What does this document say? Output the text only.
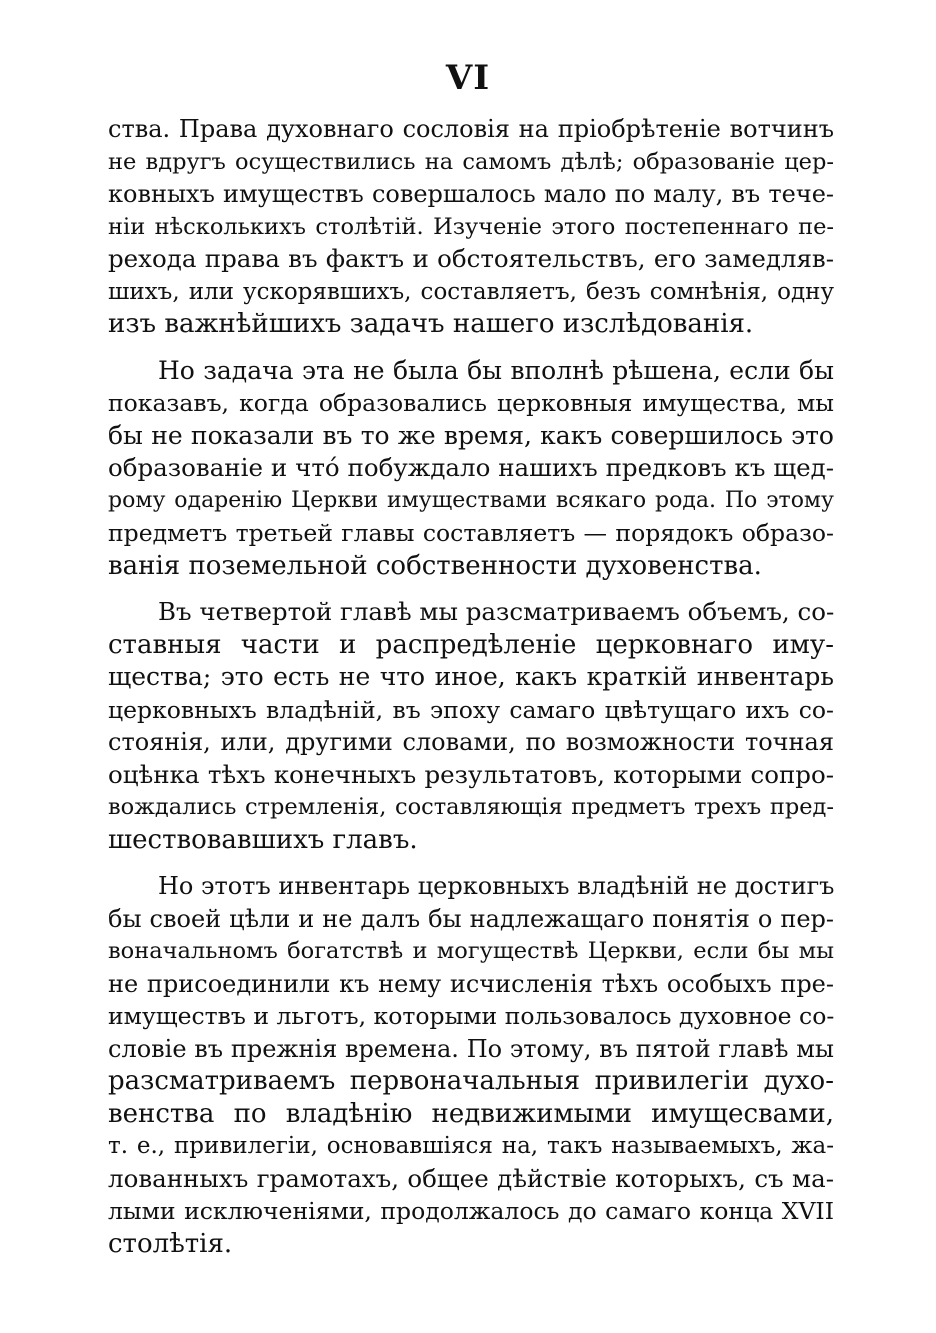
VI
ства. Права духовнаго сословія на пріобрѣтеніе вотчинъ
не вдругъ осуществились на самомъ дѣлѣ; образованіе цер-
ковныхъ имуществъ совершалось мало по малу, въ тече-
ніи нѣсколькихъ столѣтій. Изученіе этого постепеннаго пе-
рехода права въ фактъ и обстоятельствъ, его замедляв-
шихъ, или ускорявшихъ, составляетъ, безъ сомнѣнія, одну
изъ важнѣйшихъ задачъ нашего изслѣдованія.
Но задача эта не была бы вполнѣ рѣшена, если бы
показавъ, когда образовались церковныя имущества, мы
бы не показали въ то же время, какъ совершилось это
образованіе и что́ побуждало нашихъ предковъ къ щед-
рому одаренію Церкви имуществами всякаго рода. По этому
предметъ третьей главы составляетъ — порядокъ образо-
ванія поземельной собственности духовенства.
Въ четвертой главѣ мы разсматриваемъ объемъ, со-
ставныя части и распредѣленіе церковнаго иму-
щества; это есть не что иное, какъ краткій инвентарь
церковныхъ владѣній, въ эпоху самаго цвѣтущаго ихъ со-
стоянія, или, другими словами, по возможности точная
оцѣнка тѣхъ конечныхъ результатовъ, которыми сопро-
вождались стремленія, составляющія предметъ трехъ пред-
шествовавшихъ главъ.
Но этотъ инвентарь церковныхъ владѣній не достигъ
бы своей цѣли и не далъ бы надлежащаго понятія о пер-
воначальномъ богатствѣ и могуществѣ Церкви, если бы мы
не присоединили къ нему исчисленія тѣхъ особыхъ пре-
имуществъ и льготъ, которыми пользовалось духовное со-
словіе въ прежнія времена. По этому, въ пятой главѣ мы
разсматриваемъ первоначальныя привилегіи духо-
венства по владѣнію недвижимыми имущесвами,
т. е., привилегіи, основавшіяся на, такъ называемыхъ, жа-
лованныхъ грамотахъ, общее дѣйствіе которыхъ, съ ма-
лыми исключеніями, продолжалось до самаго конца XVII
столѣтія.
